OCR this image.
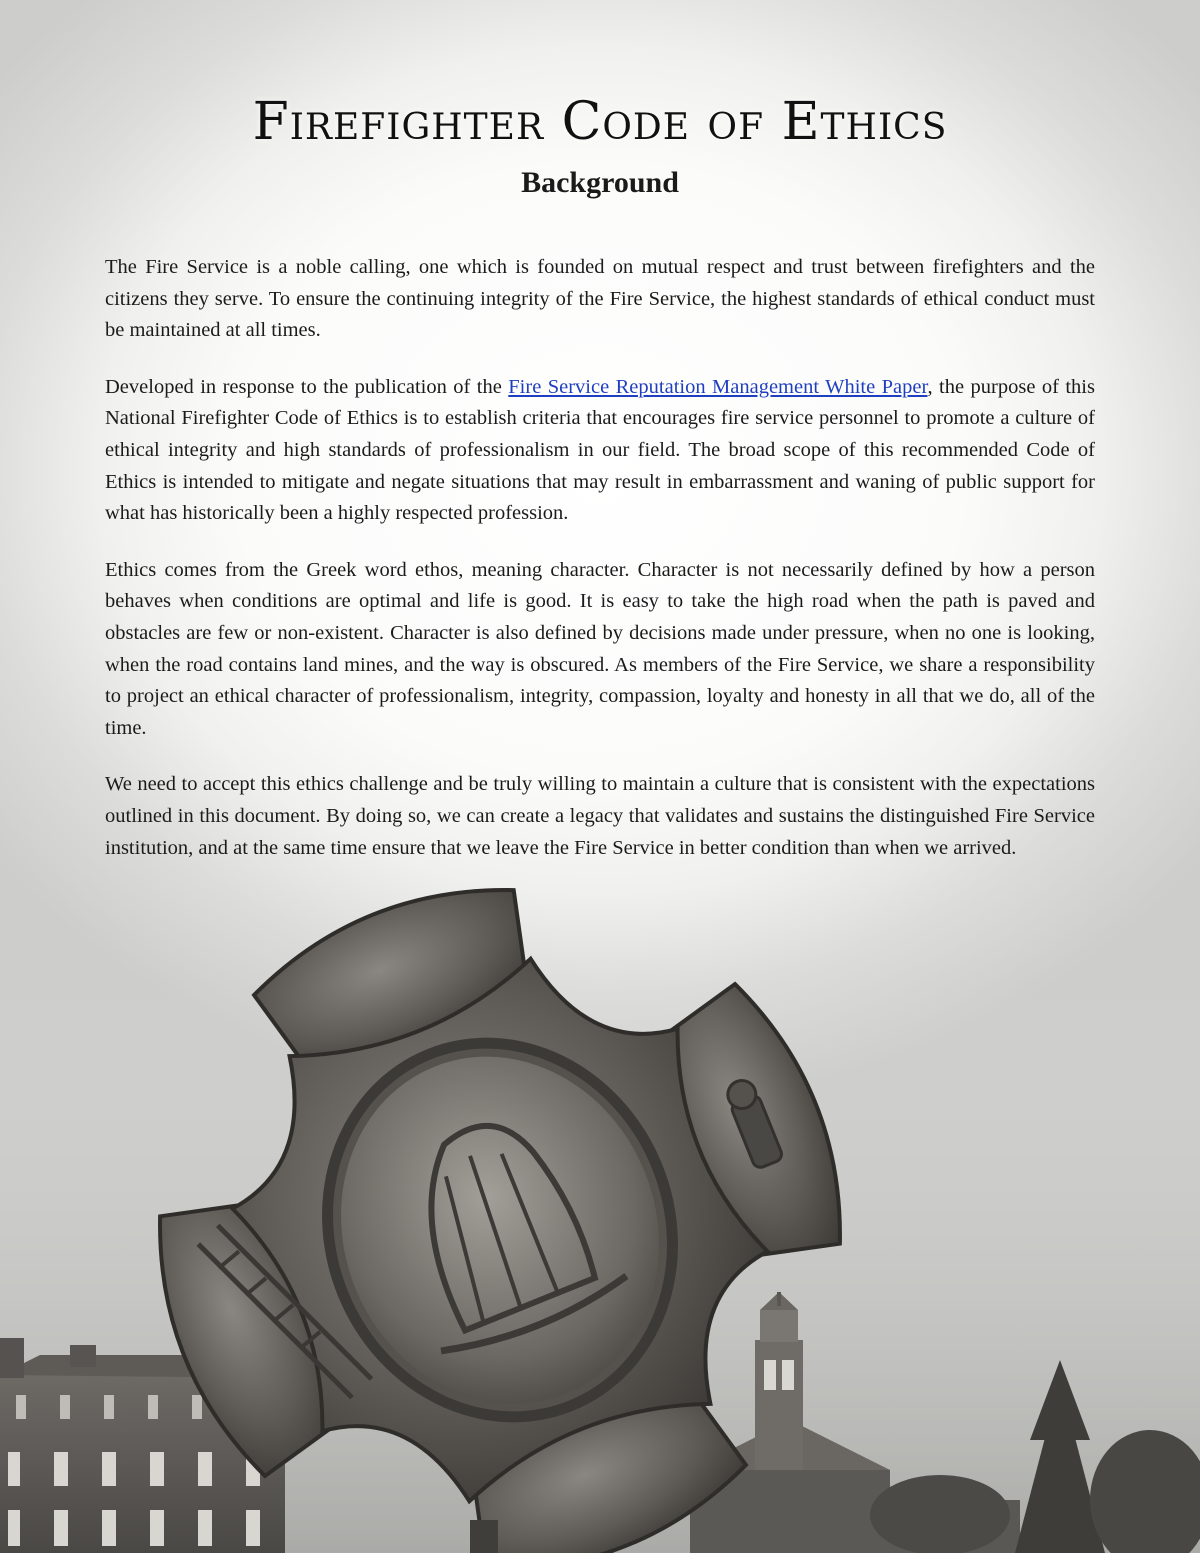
Firefighter Code of Ethics
Background

The Fire Service is a noble calling, one which is founded on mutual respect and trust between firefighters and the citizens they serve. To ensure the continuing integrity of the Fire Service, the highest standards of ethical conduct must be maintained at all times.

Developed in response to the publication of the Fire Service Reputation Management White Paper, the purpose of this National Firefighter Code of Ethics is to establish criteria that encourages fire service personnel to promote a culture of ethical integrity and high standards of professionalism in our field. The broad scope of this recommended Code of Ethics is intended to mitigate and negate situations that may result in embarrassment and waning of public support for what has historically been a highly respected profession.

Ethics comes from the Greek word ethos, meaning character. Character is not necessarily defined by how a person behaves when conditions are optimal and life is good. It is easy to take the high road when the path is paved and obstacles are few or non-existent. Character is also defined by decisions made under pressure, when no one is looking, when the road contains land mines, and the way is obscured. As members of the Fire Service, we share a responsibility to project an ethical character of professionalism, integrity, compassion, loyalty and honesty in all that we do, all of the time.

We need to accept this ethics challenge and be truly willing to maintain a culture that is consistent with the expectations outlined in this document. By doing so, we can create a legacy that validates and sustains the distinguished Fire Service institution, and at the same time ensure that we leave the Fire Service in better condition than when we arrived.
